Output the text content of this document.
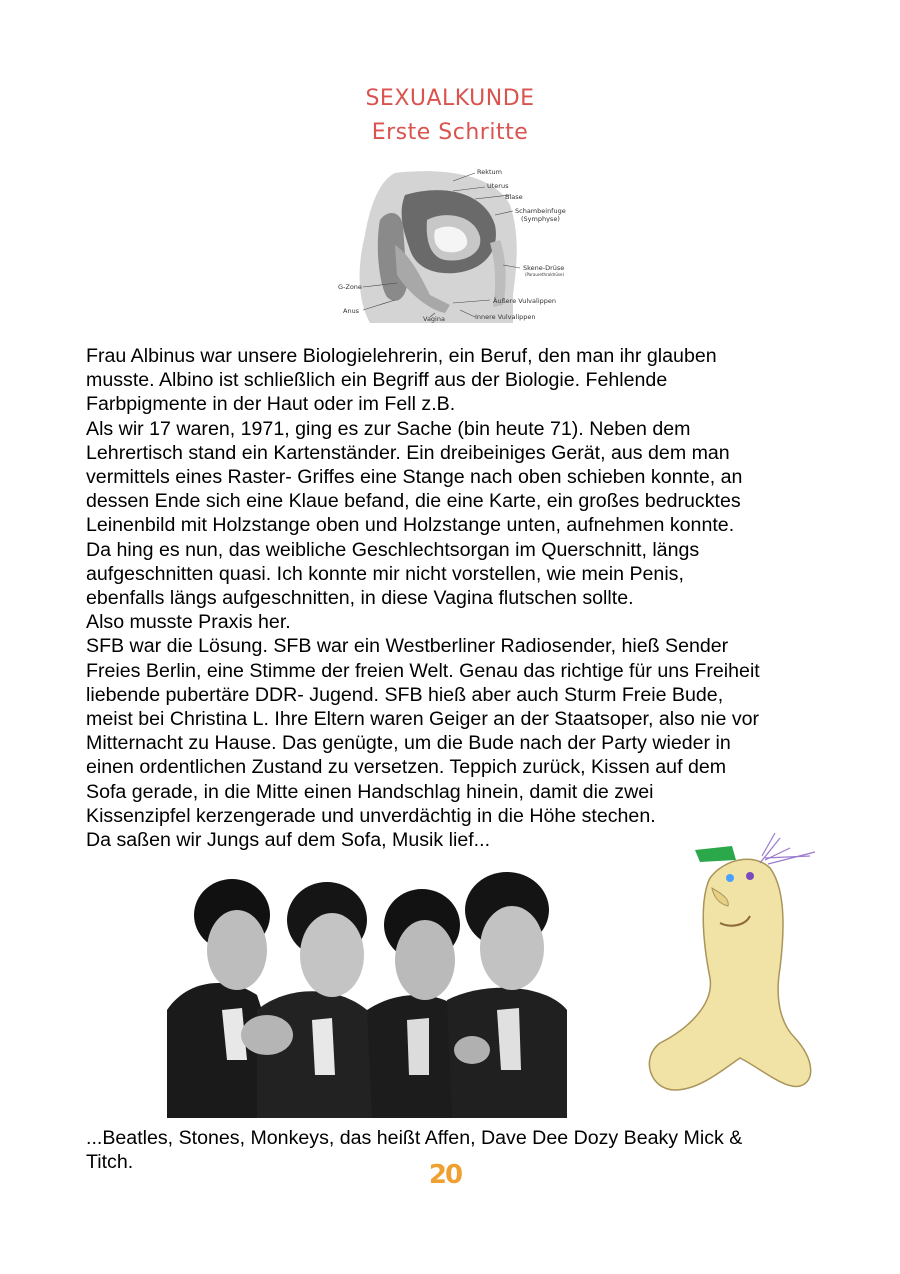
SEXUALKUNDE
Erste Schritte
Rektum
Uterus
Blase
Schambeinfuge
(Symphyse)
Skene-Drüse
(Paraurethraldrüse)
G-Zone
Anus
Äußere Vulvalippen
Vagina	Innere Vulvalippen
Frau Albinus war unsere Biologielehrerin, ein Beruf, den man ihr glauben
musste. Albino ist schließlich ein Begriff aus der Biologie. Fehlende
Farbpigmente in der Haut oder im Fell z.B.
Als wir 17 waren, 1971, ging es zur Sache (bin heute 71). Neben dem
Lehrertisch stand ein Kartenständer. Ein dreibeiniges Gerät, aus dem man
vermittels eines Raster- Griffes eine Stange nach oben schieben konnte, an
dessen Ende sich eine Klaue befand, die eine Karte, ein großes bedrucktes
Leinenbild mit Holzstange oben und Holzstange unten, aufnehmen konnte.
Da hing es nun, das weibliche Geschlechtsorgan im Querschnitt, längs
aufgeschnitten quasi. Ich konnte mir nicht vorstellen, wie mein Penis,
ebenfalls längs aufgeschnitten, in diese Vagina flutschen sollte.
Also musste Praxis her.
SFB war die Lösung. SFB war ein Westberliner Radiosender, hieß Sender
Freies Berlin, eine Stimme der freien Welt. Genau das richtige für uns Freiheit
liebende pubertäre DDR- Jugend. SFB hieß aber auch Sturm Freie Bude,
meist bei Christina L. Ihre Eltern waren Geiger an der Staatsoper, also nie vor
Mitternacht zu Hause. Das genügte, um die Bude nach der Party wieder in
einen ordentlichen Zustand zu versetzen. Teppich zurück, Kissen auf dem
Sofa gerade, in die Mitte einen Handschlag hinein, damit die zwei
Kissenzipfel kerzengerade und unverdächtig in die Höhe stechen.
Da saßen wir Jungs auf dem Sofa, Musik lief...
...Beatles, Stones, Monkeys, das heißt Affen, Dave Dee Dozy Beaky Mick &
Titch.	20
